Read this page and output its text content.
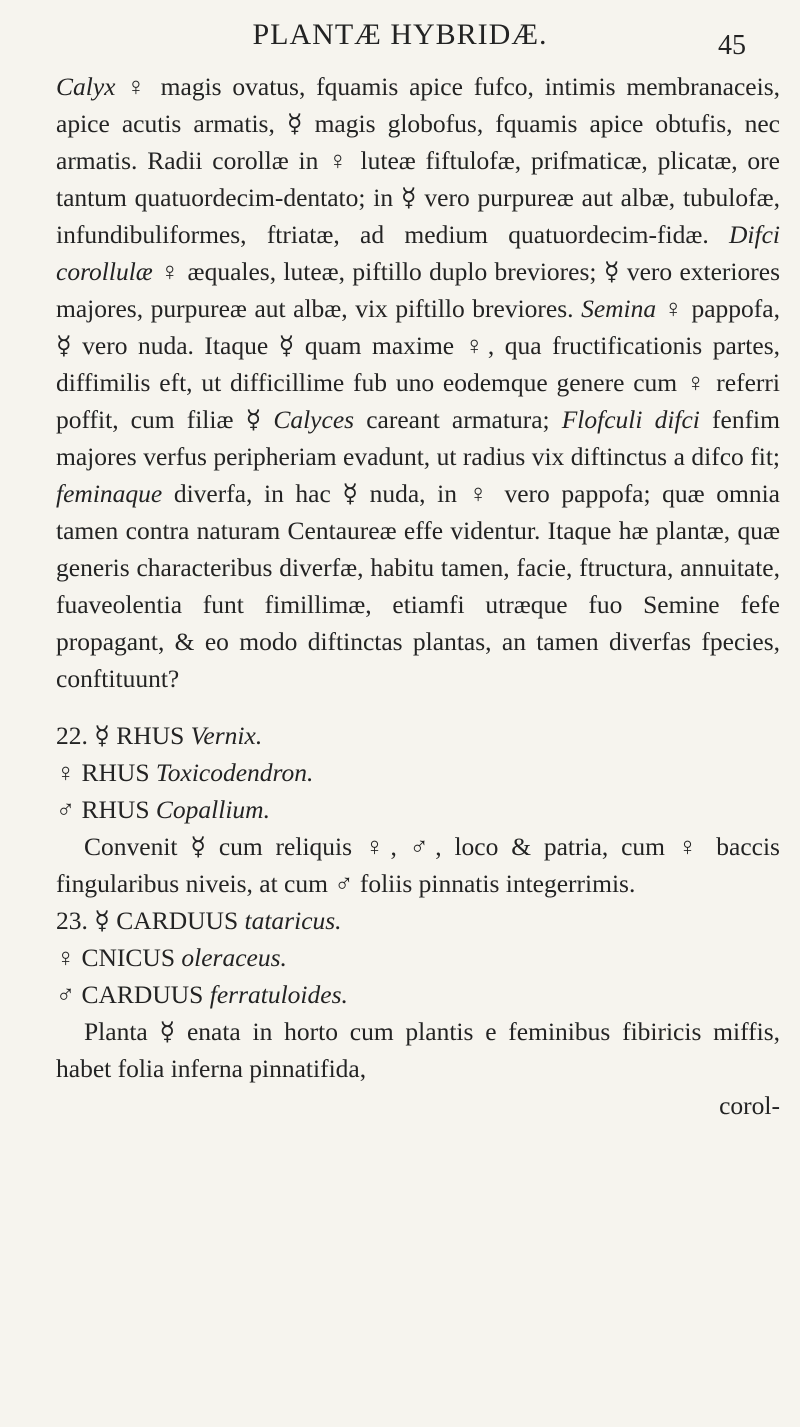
PLANTÆ HYBRIDÆ.	45

Calyx ♀ magis ovatus, fquamis apice fufco, intimis membranaceis, apice acutis armatis, ☿ magis globofus, fquamis apice obtufis, nec armatis. Radii corollæ in ♀ luteæ fiftulofæ, prifmaticæ, plicatæ, ore tantum quatuordecim-dentato; in ☿ vero purpureæ aut albæ, tubulofæ, infundibuliformes, ftriatæ, ad medium quatuordecim-fidæ. Difci corollulæ ♀ æquales, luteæ, piftillo duplo breviores; ☿ vero exteriores majores, purpureæ aut albæ, vix piftillo breviores. Semina ♀ pappofa, ☿ vero nuda. Itaque ☿ quam maxime ♀, qua fructificationis partes, diffimilis eft, ut difficillime fub uno eodemque genere cum ♀ referri poffit, cum filiæ ☿ Calyces careant armatura; Flofculi difci fenfim majores verfus peripheriam evadunt, ut radius vix diftinctus a difco fit; feminaque diverfa, in hac ☿ nuda, in ♀ vero pappofa; quæ omnia tamen contra naturam Centaureæ effe videntur. Itaque hæ plantæ, quæ generis characteribus diverfæ, habitu tamen, facie, ftructura, annuitate, fuaveolentia funt fimillimæ, etiamfi utræque fuo Semine fefe propagant, & eo modo diftinctas plantas, an tamen diverfas fpecies, conftituunt?

22. ☿ RHUS Vernix.

♀ RHUS Toxicodendron.

♂ RHUS Copallium.

Convenit ☿ cum reliquis ♀, ♂, loco & patria, cum ♀ baccis fingularibus niveis, at cum ♂ foliis pinnatis integerrimis.

23. ☿ CARDUUS tataricus.

♀ CNICUS oleraceus.

♂ CARDUUS ferratuloides.

Planta ☿ enata in horto cum plantis e feminibus fibiricis miffis, habet folia inferna pinnatifida,

corol-
